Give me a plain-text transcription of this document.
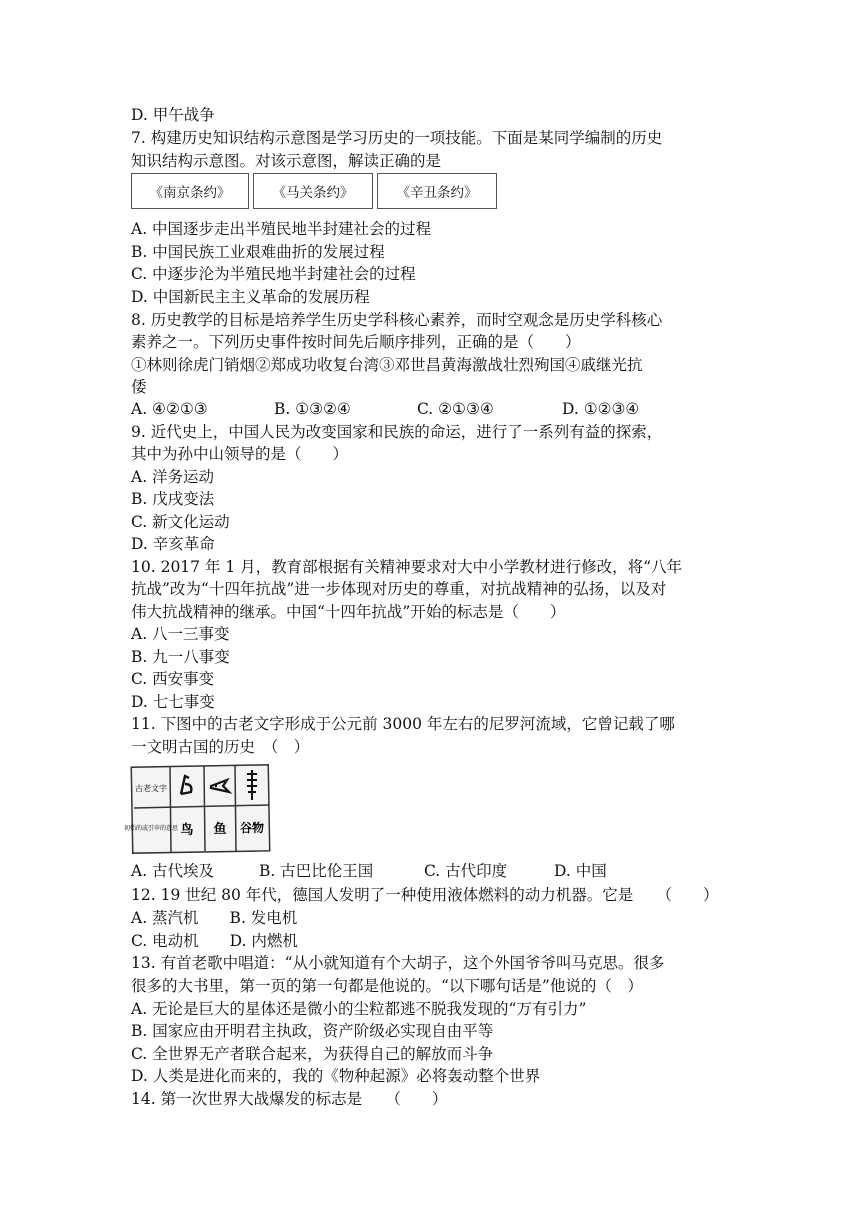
D. 甲午战争
7. 构建历史知识结构示意图是学习历史的一项技能。下面是某同学编制的历史
知识结构示意图。对该示意图，解读正确的是
《南京条约》	《马关条约》	《辛丑条约》
A. 中国逐步走出半殖民地半封建社会的过程
B. 中国民族工业艰难曲折的发展过程
C. 中逐步沦为半殖民地半封建社会的过程
D. 中国新民主主义革命的发展历程
8. 历史教学的目标是培养学生历史学科核心素养，而时空观念是历史学科核心
素养之一。下列历史事件按时间先后顺序排列，正确的是（　　）
①林则徐虎门销烟②郑成功收复台湾③邓世昌黄海激战壮烈殉国④戚继光抗
倭
A. ④②①③	B. ①③②④	C. ②①③④	D. ①②③④
9. 近代史上，中国人民为改变国家和民族的命运，进行了一系列有益的探索，
其中为孙中山领导的是（　　）
A. 洋务运动
B. 戊戌变法
C. 新文化运动
D. 辛亥革命
10. 2017 年 1 月，教育部根据有关精神要求对大中小学教材进行修改，将“八年
抗战”改为“十四年抗战”进一步体现对历史的尊重，对抗战精神的弘扬，以及对
伟大抗战精神的继承。中国“十四年抗战”开始的标志是（　　）
A. 八一三事变
B. 九一八事变
C. 西安事变
D. 七七事变
11. 下图中的古老文字形成于公元前 3000 年左右的尼罗河流域，它曾记载了哪
一文明古国的历史　（　）
古老文字
初始的或引申的意思 鸟 鱼 谷物
A. 古代埃及	B. 古巴比伦王国	C. 古代印度	D. 中国
12. 19 世纪 80 年代，德国人发明了一种使用液体燃料的动力机器。它是　　（　　）
A. 蒸汽机　　B. 发电机
C. 电动机　　D. 内燃机
13. 有首老歌中唱道：“从小就知道有个大胡子，这个外国爷爷叫马克思。很多
很多的大书里，第一页的第一句都是他说的。“以下哪句话是”他说的（　）
A. 无论是巨大的星体还是微小的尘粒都逃不脱我发现的“万有引力”
B. 国家应由开明君主执政，资产阶级必实现自由平等
C. 全世界无产者联合起来，为获得自己的解放而斗争
D. 人类是进化而来的，我的《物种起源》必将轰动整个世界
14. 第一次世界大战爆发的标志是　　（　　）
